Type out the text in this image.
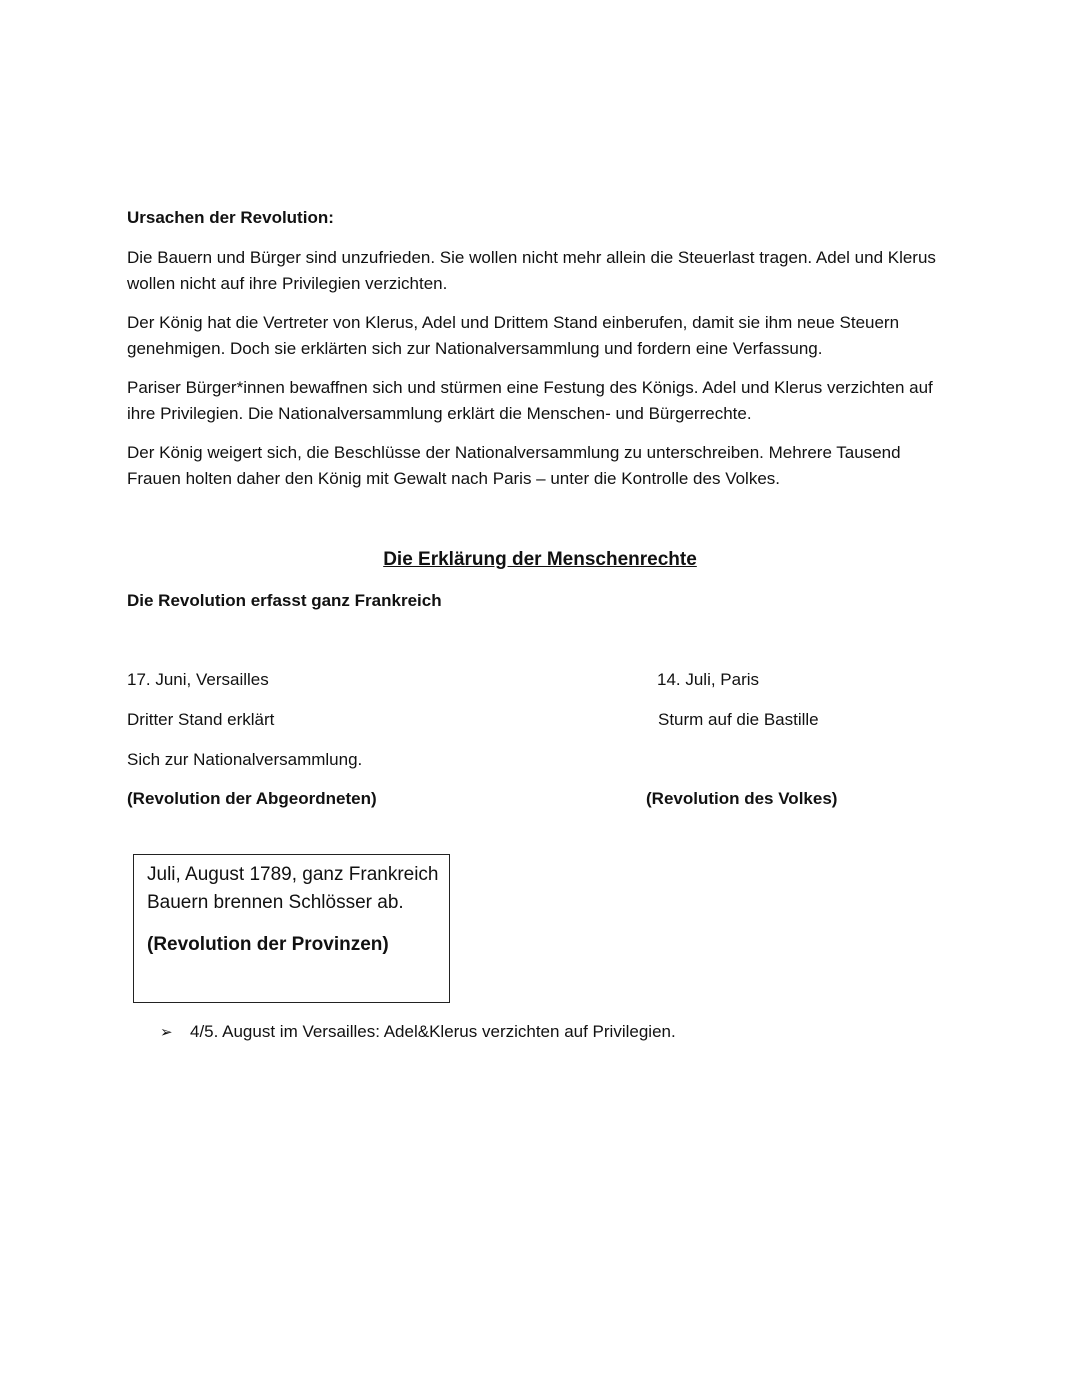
Ursachen der Revolution:

Die Bauern und Bürger sind unzufrieden. Sie wollen nicht mehr allein die Steuerlast tragen. Adel und Klerus wollen nicht auf ihre Privilegien verzichten.

Der König hat die Vertreter von Klerus, Adel und Drittem Stand einberufen, damit sie ihm neue Steuern genehmigen. Doch sie erklärten sich zur Nationalversammlung und fordern eine Verfassung.

Pariser Bürger*innen bewaffnen sich und stürmen eine Festung des Königs. Adel und Klerus verzichten auf ihre Privilegien. Die Nationalversammlung erklärt die Menschen- und Bürgerrechte.

Der König weigert sich, die Beschlüsse der Nationalversammlung zu unterschreiben. Mehrere Tausend Frauen holten daher den König mit Gewalt nach Paris – unter die Kontrolle des Volkes.

Die Erklärung der Menschenrechte

Die Revolution erfasst ganz Frankreich

17. Juni, Versailles

Dritter Stand erklärt

Sich zur Nationalversammlung.

(Revolution der Abgeordneten)

14. Juli, Paris

Sturm auf die Bastille

(Revolution des Volkes)

Juli, August 1789, ganz Frankreich

Bauern brennen Schlösser ab.

(Revolution der Provinzen)

➢ 4/5. August im Versailles: Adel&Klerus verzichten auf Privilegien.
